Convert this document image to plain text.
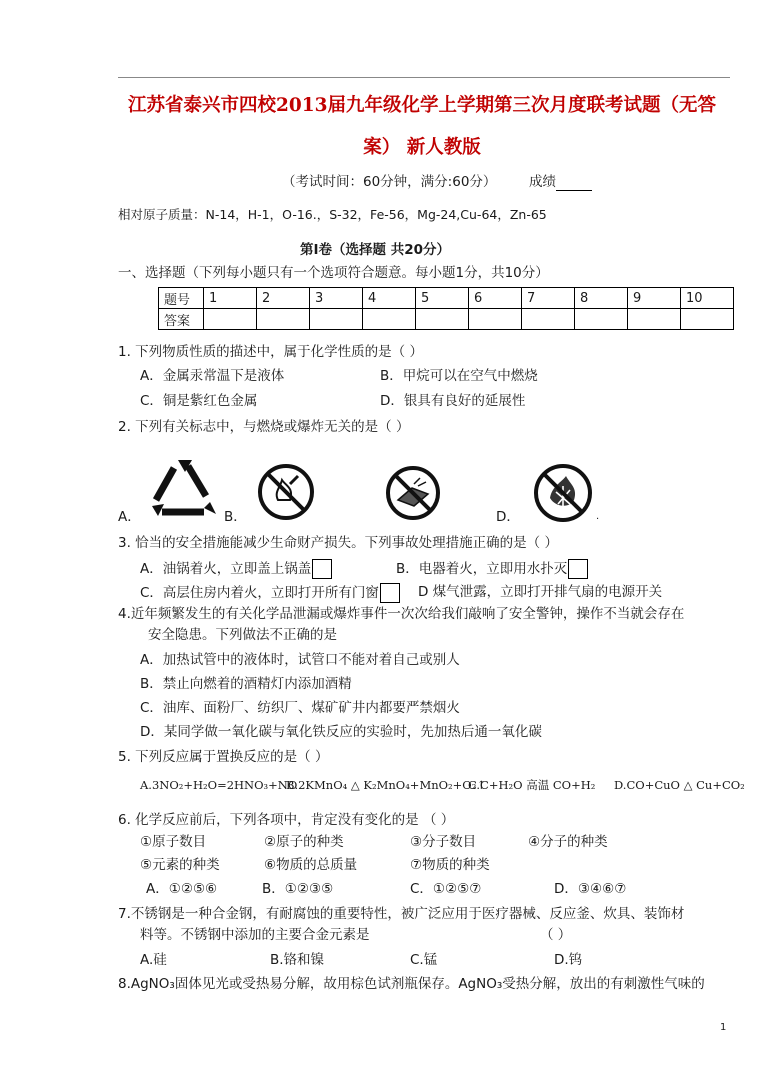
江苏省泰兴市四校2013届九年级化学上学期第三次月度联考试题（无答
案） 新人教版
（考试时间：60分钟，满分:60分） 成绩
相对原子质量：N-14，H-1，O-16.，S-32，Fe-56，Mg-24,Cu-64，Zn-65
第Ⅰ卷（选择题 共20分）
一、选择题（下列每小题只有一个选项符合题意。每小题1分，共10分）
题号	1	2	3	4	5	6	7	8	9	10
答案										
1. 下列物质性质的描述中，属于化学性质的是（ ）
A．金属汞常温下是液体	B．甲烷可以在空气中燃烧
C．铜是紫红色金属	D．银具有良好的延展性
2. 下列有关标志中，与燃烧或爆炸无关的是（ ）
A．	B．	D．	.
3. 恰当的安全措施能减少生命财产损失。下列事故处理措施正确的是（ ）
A．油锅着火，立即盖上锅盖	B．电器着火，立即用水扑灭
C．高层住房内着火，立即打开所有门窗	D 煤气泄露，立即打开排气扇的电源开关
4.近年频繁发生的有关化学品泄漏或爆炸事件一次次给我们敲响了安全警钟，操作不当就会存在
安全隐患。下列做法不正确的是
A．加热试管中的液体时，试管口不能对着自己或别人
B．禁止向燃着的酒精灯内添加酒精
C．油库、面粉厂、纺织厂、煤矿矿井内都要严禁烟火
D．某同学做一氧化碳与氧化铁反应的实验时，先加热后通一氧化碳
5. 下列反应属于置换反应的是（ ）
A.3NO₂+H₂O=2HNO₃+NO
B.2KMnO₄ △ K₂MnO₄+MnO₂+O₂↑
C.C+H₂O 高温 CO+H₂ D.CO+CuO △ Cu+CO₂
6. 化学反应前后，下列各项中，肯定没有变化的是 （ ）
①原子数目	②原子的种类	③分子数目	④分子的种类
⑤元素的种类	⑥物质的总质量	⑦物质的种类
A．①②⑤⑥	B．①②③⑤	C．①②⑤⑦	D．③④⑥⑦
7.不锈钢是一种合金钢，有耐腐蚀的重要特性，被广泛应用于医疗器械、反应釜、炊具、装饰材
料等。不锈钢中添加的主要合金元素是	（ ）
A.硅	B.铬和镍	C.锰	D.钨
8.AgNO₃固体见光或受热易分解，故用棕色试剂瓶保存。AgNO₃受热分解，放出的有刺激性气味的
1
